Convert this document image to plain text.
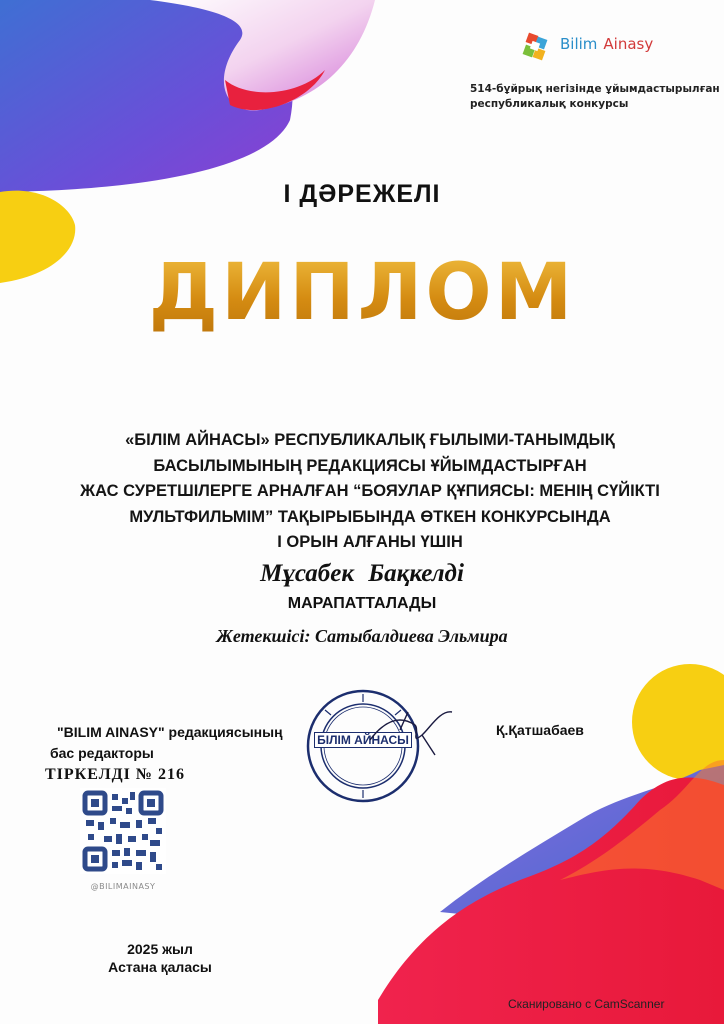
Bilim Ainasy
514-бұйрық негізінде ұйымдастырылған
республикалық конкурсы
І ДӘРЕЖЕЛІ
ДИПЛОМ
«БІЛІМ АЙНАСЫ» РЕСПУБЛИКАЛЫҚ ҒЫЛЫМИ-ТАНЫМДЫҚ
БАСЫЛЫМЫНЫҢ РЕДАКЦИЯСЫ ҰЙЫМДАСТЫРҒАН
ЖАС СУРЕТШІЛЕРГЕ АРНАЛҒАН “БОЯУЛАР ҚҰПИЯСЫ: МЕНІҢ СҮЙІКТІ
МУЛЬТФИЛЬМІМ” ТАҚЫРЫБЫНДА ӨТКЕН КОНКУРСЫНДА
І ОРЫН АЛҒАНЫ ҮШІН
Мұсабек Бақкелді
МАРАПАТТАЛАДЫ
Жетекшісі: Сатыбалдиева Эльмира
"BILIM AINASY" редакциясының
бас редакторы
ТІРКЕЛДІ № 216
Қ.Қатшабаев
БІЛІМ АЙНАСЫ
@BILIMAINASY
2025 жыл
Астана қаласы
Сканировано с CamScanner
